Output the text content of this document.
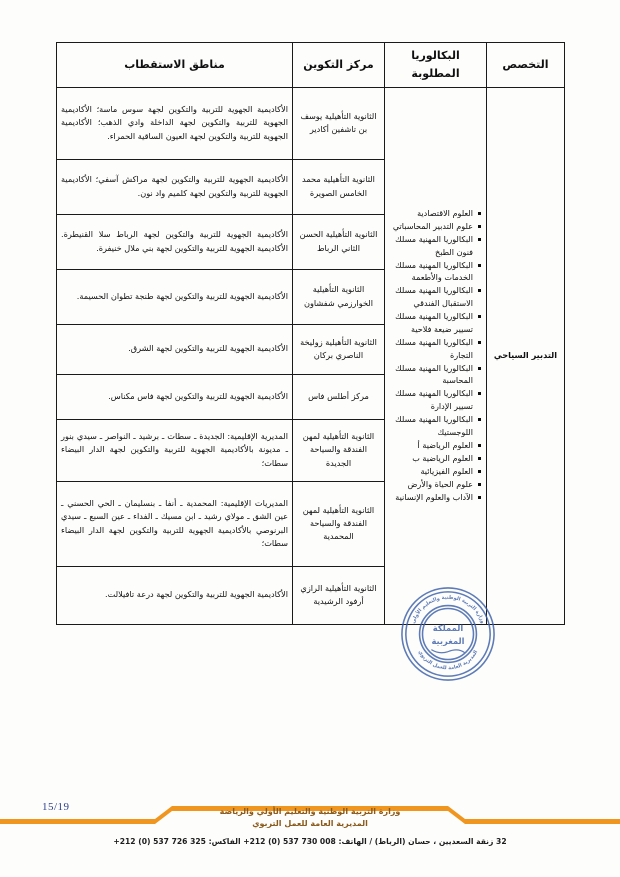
التخصص	البكالوريا المطلوبة	مركز التكوين	مناطق الاستقطاب
التدبير السياحي	
العلوم الاقتصادية
علوم التدبير المحاسباتي
البكالوريا المهنية مسلك فنون الطبخ
البكالوريا المهنية مسلك الخدمات والأطعمة
البكالوريا المهنية مسلك الاستقبال الفندقي
البكالوريا المهنية مسلك تسيير ضيعة فلاحية
البكالوريا المهنية مسلك التجارة
البكالوريا المهنية مسلك المحاسبة
البكالوريا المهنية مسلك تسيير الإدارة
البكالوريا المهنية مسلك اللوجستيك
العلوم الرياضية أ
العلوم الرياضية ب
العلوم الفيزيائية
علوم الحياة والأرض
الآداب والعلوم الإنسانية
	الثانوية التأهيلية يوسف بن تاشفين أكادير	الأكاديمية الجهوية للتربية والتكوين لجهة سوس ماسة؛ الأكاديمية الجهوية للتربية والتكوين لجهة الداخلة وادي الذهب؛ الأكاديمية الجهوية للتربية والتكوين لجهة العيون الساقية الحمراء.
		الثانوية التأهيلية محمد الخامس الصويرة	الأكاديمية الجهوية للتربية والتكوين لجهة مراكش آسفي؛ الأكاديمية الجهوية للتربية والتكوين لجهة كلميم واد نون.
		الثانوية التأهيلية الحسن الثاني الرباط	الأكاديمية الجهوية للتربية والتكوين لجهة الرباط سلا القنيطرة. الأكاديمية الجهوية للتربية والتكوين لجهة بني ملال خنيفرة.
		الثانوية التأهيلية الخوارزمي شفشاون	الأكاديمية الجهوية للتربية والتكوين لجهة طنجة تطوان الحسيمة.
		الثانوية التأهيلية زوليخة الناصري بركان	الأكاديمية الجهوية للتربية والتكوين لجهة الشرق.
		مركز أطلس فاس	الأكاديمية الجهوية للتربية والتكوين لجهة فاس مكناس.
		الثانوية التأهيلية لمهن الفندقة والسياحة الجديدة	المديرية الإقليمية: الجديدة ـ سطات ـ برشيد ـ النواصر ـ سيدي بنور ـ مديونة بالأكاديمية الجهوية للتربية والتكوين لجهة الدار البيضاء سطات؛
		الثانوية التأهيلية لمهن الفندقة والسياحة المحمدية	المديريات الإقليمية: المحمدية ـ أنفا ـ بنسليمان ـ الحي الحسني ـ عين الشق ـ مولاي رشيد ـ ابن مسيك ـ الفداء ـ عين السبع ـ سيدي البرنوصي بالأكاديمية الجهوية للتربية والتكوين لجهة الدار البيضاء سطات؛
		الثانوية التأهيلية الرازي أرفود الرشيدية	الأكاديمية الجهوية للتربية والتكوين لجهة درعة تافيلالت.
وزارة التربية الوطنية والتعليم الأولي
المديرية العامة للعمل التربوي
المملكة
المغربية
15/19	وزارة التربية الوطنية والتعليم الأولي والرياضة
المديرية العامة للعمل التربوي
32 زنقة السعديين ، حسان (الرباط) / الهاتف: +212 (0) 537 730 008 الفاكس: +212 (0) 537 726 325
